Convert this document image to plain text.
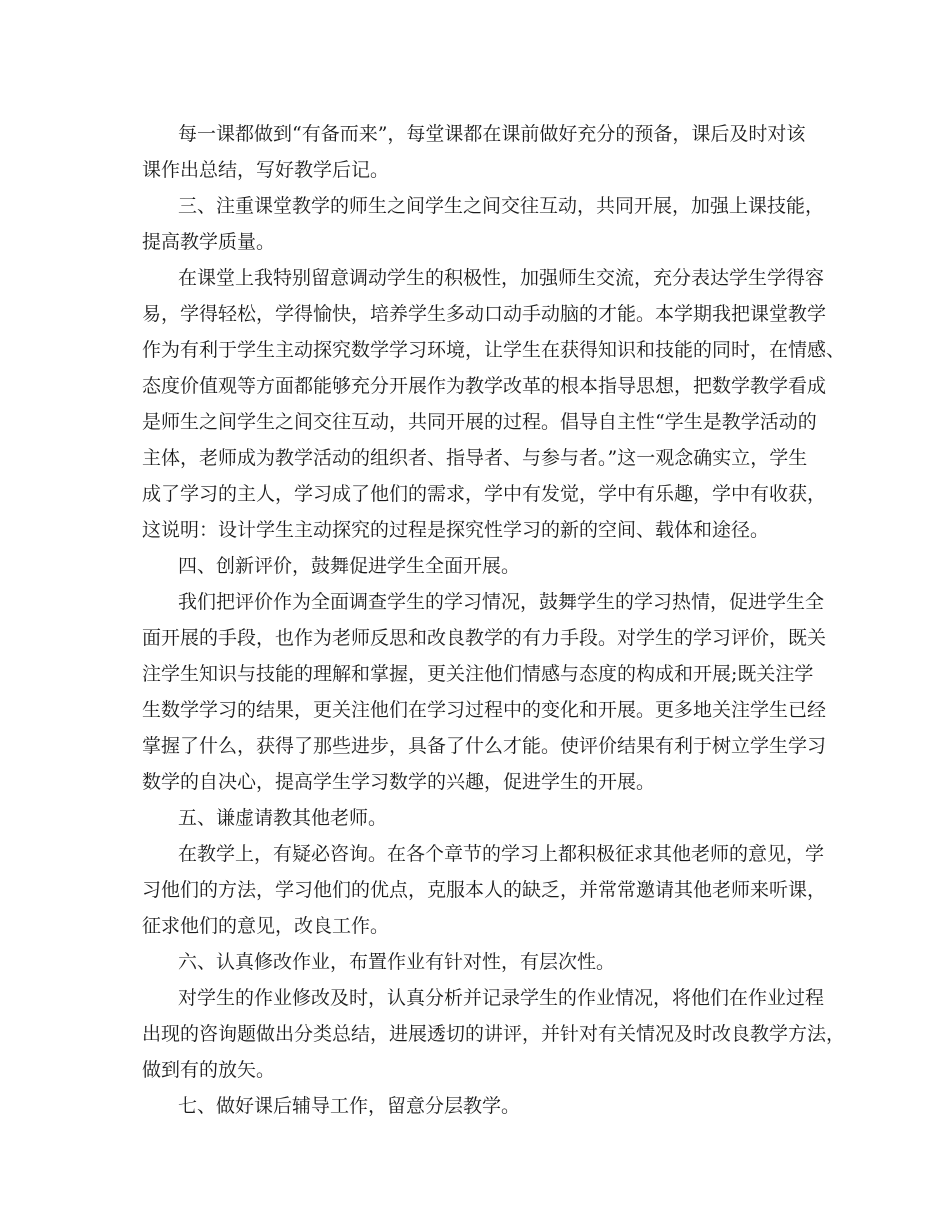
每一课都做到“有备而来”，每堂课都在课前做好充分的预备，课后及时对该
课作出总结，写好教学后记。
三、注重课堂教学的师生之间学生之间交往互动，共同开展，加强上课技能，
提高教学质量。
在课堂上我特别留意调动学生的积极性，加强师生交流，充分表达学生学得容
易，学得轻松，学得愉快，培养学生多动口动手动脑的才能。本学期我把课堂教学
作为有利于学生主动探究数学学习环境，让学生在获得知识和技能的同时，在情感、
态度价值观等方面都能够充分开展作为教学改革的根本指导思想，把数学教学看成
是师生之间学生之间交往互动，共同开展的过程。倡导自主性“学生是教学活动的
主体，老师成为教学活动的组织者、指导者、与参与者。”这一观念确实立，学生
成了学习的主人，学习成了他们的需求，学中有发觉，学中有乐趣，学中有收获，
这说明：设计学生主动探究的过程是探究性学习的新的空间、载体和途径。
四、创新评价，鼓舞促进学生全面开展。
我们把评价作为全面调查学生的学习情况，鼓舞学生的学习热情，促进学生全
面开展的手段，也作为老师反思和改良教学的有力手段。对学生的学习评价，既关
注学生知识与技能的理解和掌握，更关注他们情感与态度的构成和开展;既关注学
生数学学习的结果，更关注他们在学习过程中的变化和开展。更多地关注学生已经
掌握了什么，获得了那些进步，具备了什么才能。使评价结果有利于树立学生学习
数学的自决心，提高学生学习数学的兴趣，促进学生的开展。
五、谦虚请教其他老师。
在教学上，有疑必咨询。在各个章节的学习上都积极征求其他老师的意见，学
习他们的方法，学习他们的优点，克服本人的缺乏，并常常邀请其他老师来听课，
征求他们的意见，改良工作。
六、认真修改作业，布置作业有针对性，有层次性。
对学生的作业修改及时，认真分析并记录学生的作业情况，将他们在作业过程
出现的咨询题做出分类总结，进展透切的讲评，并针对有关情况及时改良教学方法，
做到有的放矢。
七、做好课后辅导工作，留意分层教学。
